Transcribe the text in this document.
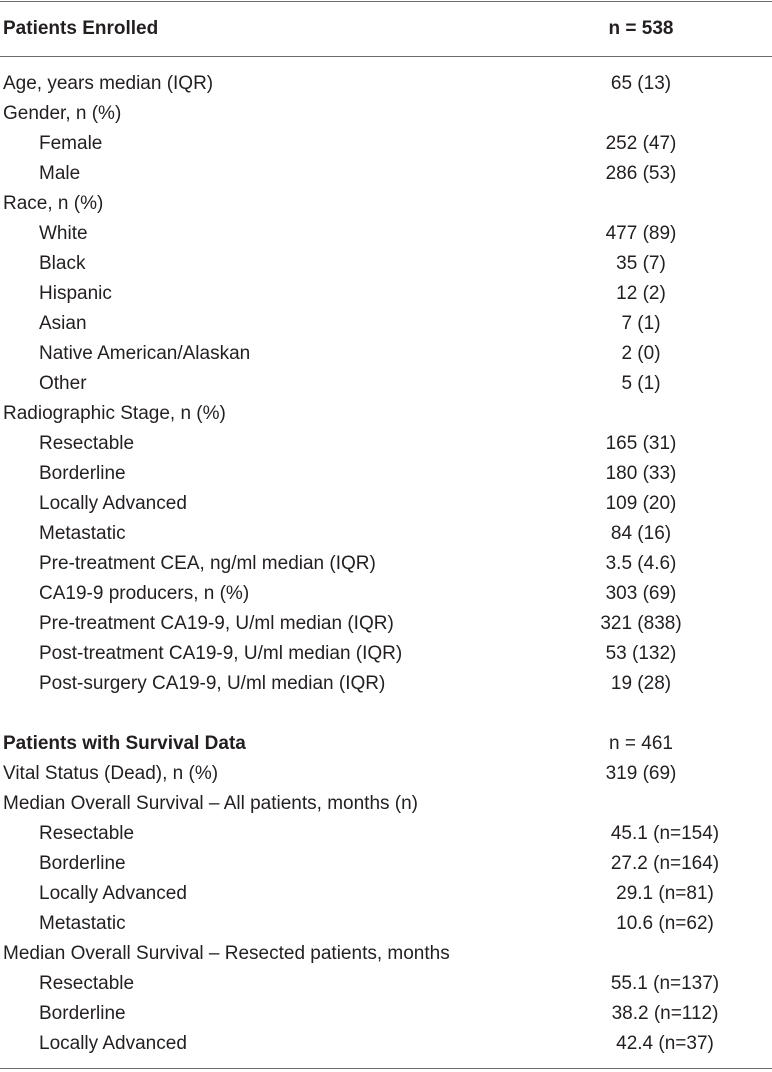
Patients Enrolled	n = 538
Age, years median (IQR)	65 (13)
Gender, n (%)
Female	252 (47)
Male	286 (53)
Race, n (%)
White	477 (89)
Black	35 (7)
Hispanic	12 (2)
Asian	7 (1)
Native American/Alaskan	2 (0)
Other	5 (1)
Radiographic Stage, n (%)
Resectable	165 (31)
Borderline	180 (33)
Locally Advanced	109 (20)
Metastatic	84 (16)
Pre-treatment CEA, ng/ml median (IQR)	3.5 (4.6)
CA19-9 producers, n (%)	303 (69)
Pre-treatment CA19-9, U/ml median (IQR)	321 (838)
Post-treatment CA19-9, U/ml median (IQR)	53 (132)
Post-surgery CA19-9, U/ml median (IQR)	19 (28)
Patients with Survival Data	n = 461
Vital Status (Dead), n (%)	319 (69)
Median Overall Survival – All patients, months (n)
Resectable	45.1 (n=154)
Borderline	27.2 (n=164)
Locally Advanced	29.1 (n=81)
Metastatic	10.6 (n=62)
Median Overall Survival – Resected patients, months
Resectable	55.1 (n=137)
Borderline	38.2 (n=112)
Locally Advanced	42.4 (n=37)
